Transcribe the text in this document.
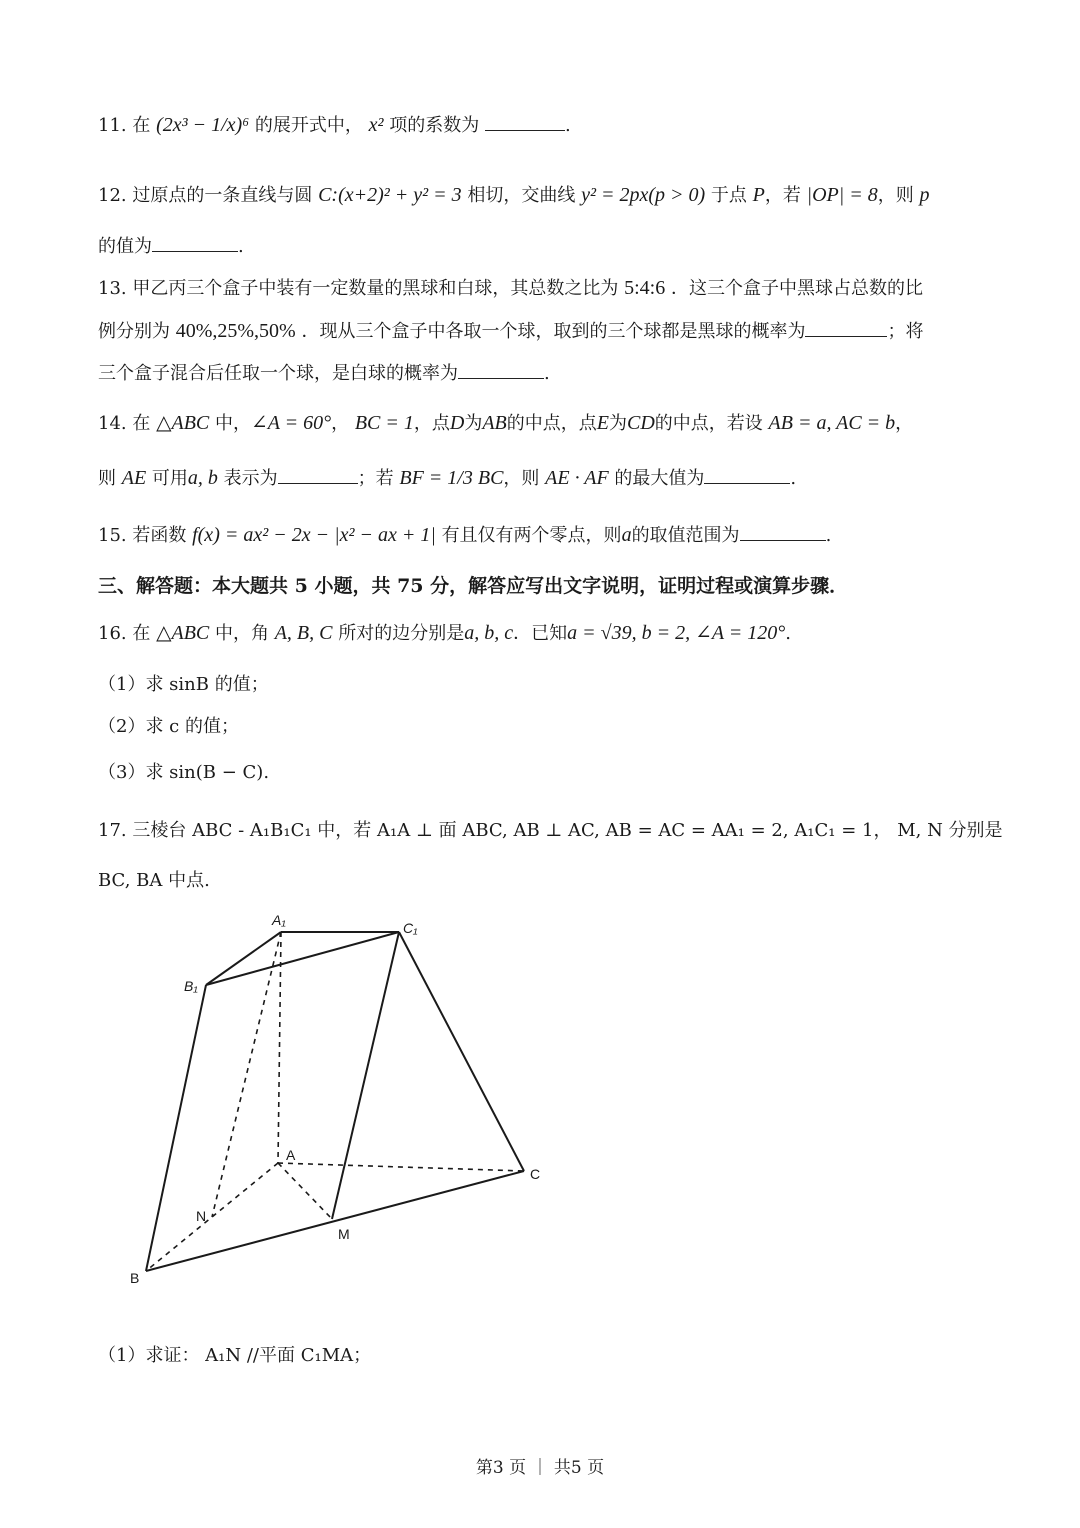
11. 在 (2x³ − 1/x)⁶ 的展开式中， x² 项的系数为	.
12. 过原点的一条直线与圆 C:(x+2)² + y² = 3 相切，交曲线 y² = 2px(p > 0) 于点 P，若 |OP| = 8，则 p
的值为	.
13. 甲乙丙三个盒子中装有一定数量的黑球和白球，其总数之比为 5:4:6 ．这三个盒子中黑球占总数的比
例分别为 40%,25%,50% ．现从三个盒子中各取一个球，取到的三个球都是黑球的概率为	；将
三个盒子混合后任取一个球，是白球的概率为	.
14. 在 △ABC 中，∠A = 60°， BC = 1，点D为AB的中点，点E为CD的中点，若设 AB = a, AC = b，
则 AE 可用a, b 表示为	；若 BF = 1/3 BC，则 AE · AF 的最大值为	.
15. 若函数 f(x) = ax² − 2x − |x² − ax + 1| 有且仅有两个零点，则a的取值范围为	.
三、解答题：本大题共 5 小题，共 75 分，解答应写出文字说明，证明过程或演算步骤．
16. 在 △ABC 中，角 A, B, C 所对的边分别是a, b, c．已知a = √39, b = 2, ∠A = 120°.
（1）求 sinB 的值；
（2）求 c 的值；
（3）求 sin(B − C).
17. 三棱台 ABC - A₁B₁C₁ 中，若 A₁A ⊥ 面 ABC, AB ⊥ AC, AB = AC = AA₁ = 2, A₁C₁ = 1， M, N 分别是
BC, BA 中点.
A₁	C₁
B₁
A
C
N
M
B
（1）求证： A₁N //平面 C₁MA；
第3 页 ｜ 共5 页
